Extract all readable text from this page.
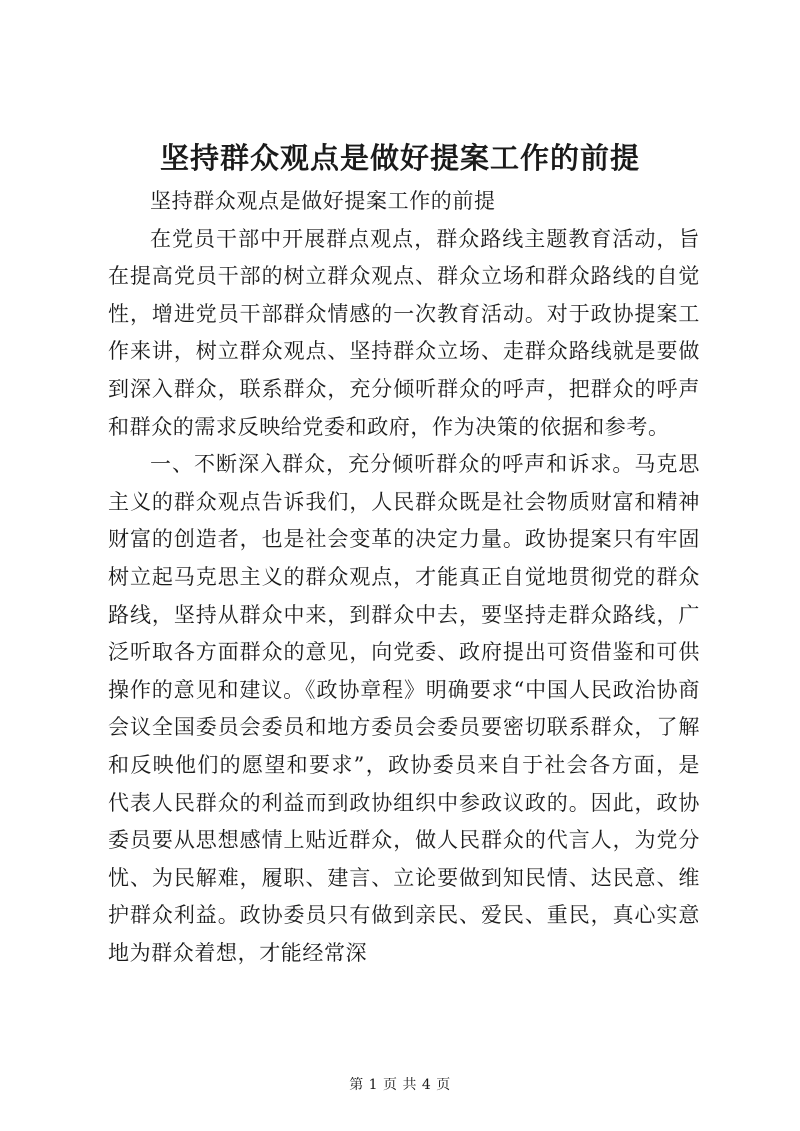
坚持群众观点是做好提案工作的前提

坚持群众观点是做好提案工作的前提

在党员干部中开展群点观点，群众路线主题教育活动，旨在提高党员干部的树立群众观点、群众立场和群众路线的自觉性，增进党员干部群众情感的一次教育活动。对于政协提案工作来讲，树立群众观点、坚持群众立场、走群众路线就是要做到深入群众，联系群众，充分倾听群众的呼声，把群众的呼声和群众的需求反映给党委和政府，作为决策的依据和参考。

一、不断深入群众，充分倾听群众的呼声和诉求。马克思主义的群众观点告诉我们，人民群众既是社会物质财富和精神财富的创造者，也是社会变革的决定力量。政协提案只有牢固树立起马克思主义的群众观点，才能真正自觉地贯彻党的群众路线，坚持从群众中来，到群众中去，要坚持走群众路线，广泛听取各方面群众的意见，向党委、政府提出可资借鉴和可供操作的意见和建议。《政协章程》明确要求“中国人民政治协商会议全国委员会委员和地方委员会委员要密切联系群众，了解和反映他们的愿望和要求”，政协委员来自于社会各方面，是代表人民群众的利益而到政协组织中参政议政的。因此，政协委员要从思想感情上贴近群众，做人民群众的代言人，为党分忧、为民解难，履职、建言、立论要做到知民情、达民意、维护群众利益。政协委员只有做到亲民、爱民、重民，真心实意地为群众着想，才能经常深

第 1 页 共 4 页
